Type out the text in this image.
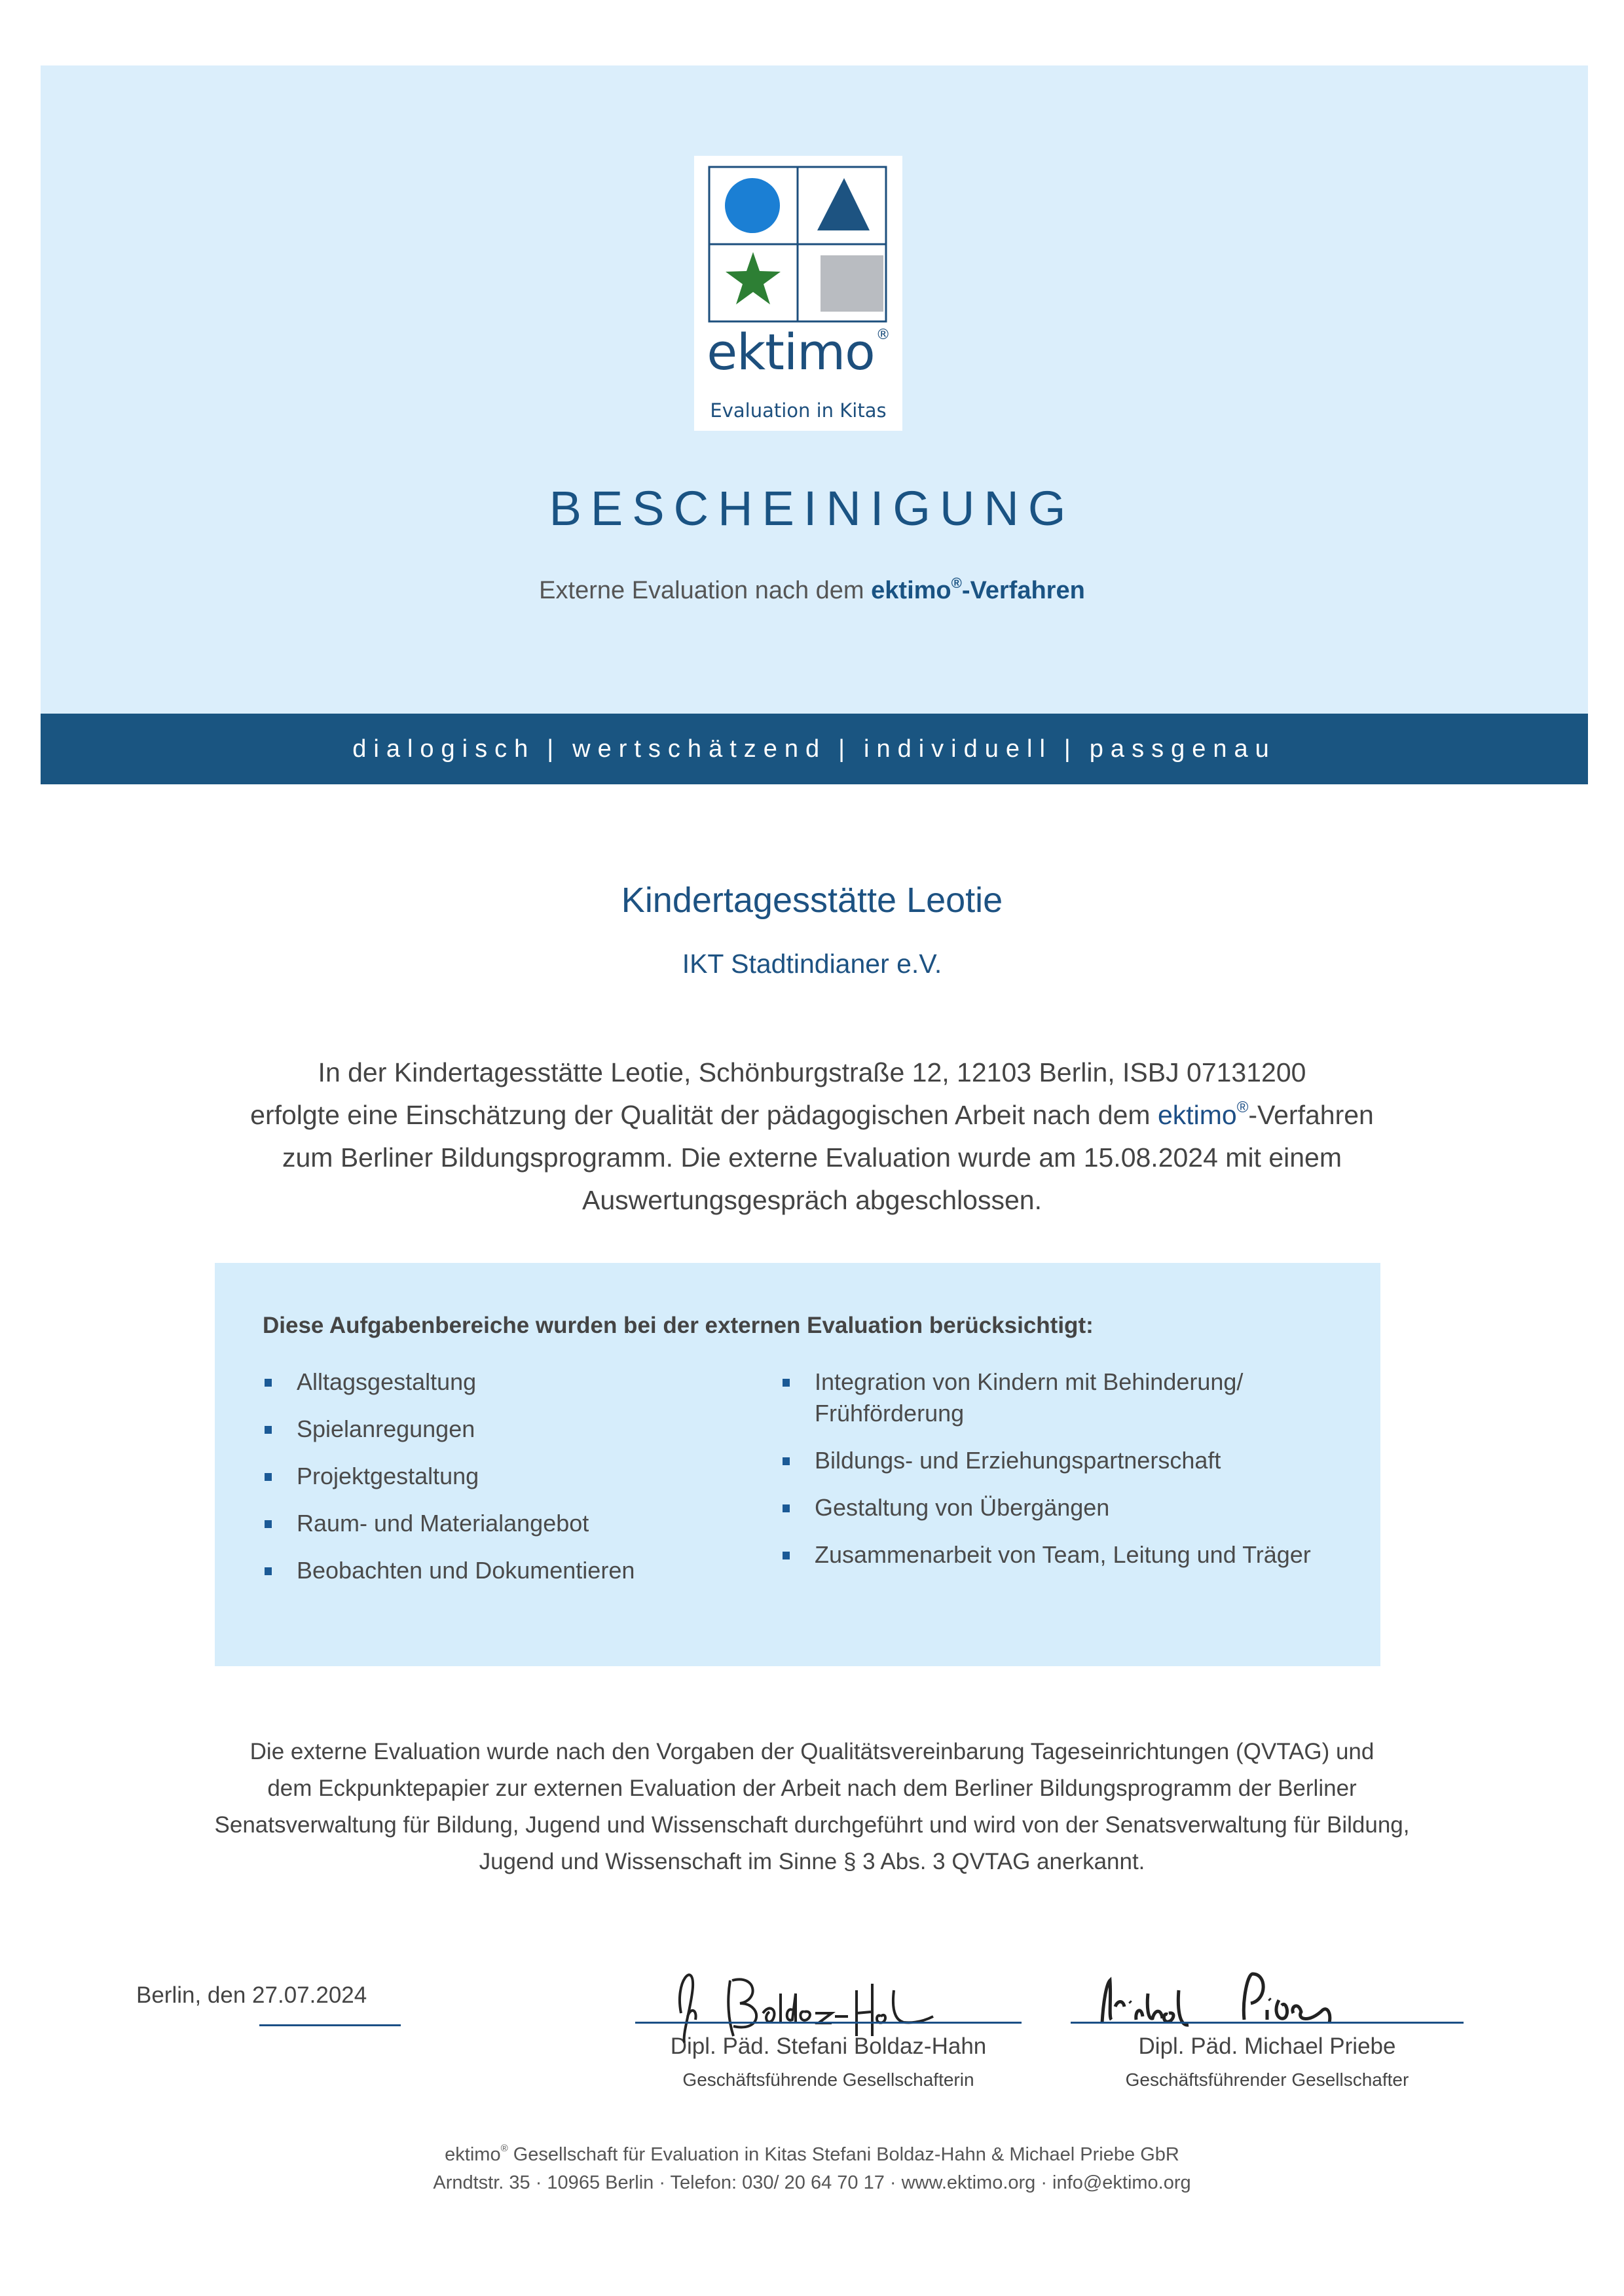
ektimo®
Evaluation in Kitas
BESCHEINIGUNG
Externe Evaluation nach dem ektimo®-Verfahren
dialogisch | wertschätzend | individuell | passgenau
Kindertagesstätte Leotie
IKT Stadtindianer e.V.
In der Kindertagesstätte Leotie, Schönburgstraße 12, 12103 Berlin, ISBJ 07131200
erfolgte eine Einschätzung der Qualität der pädagogischen Arbeit nach dem ektimo®-Verfahren
zum Berliner Bildungsprogramm. Die externe Evaluation wurde am 15.08.2024 mit einem
Auswertungsgespräch abgeschlossen.
Diese Aufgabenbereiche wurden bei der externen Evaluation berücksichtigt:
Alltagsgestaltung
Spielanregungen
Projektgestaltung
Raum- und Materialangebot
Beobachten und Dokumentieren
Integration von Kindern mit Behinderung/ Frühförderung
Bildungs- und Erziehungspartnerschaft
Gestaltung von Übergängen
Zusammenarbeit von Team, Leitung und Träger
Die externe Evaluation wurde nach den Vorgaben der Qualitätsvereinbarung Tageseinrichtungen (QVTAG) und
dem Eckpunktepapier zur externen Evaluation der Arbeit nach dem Berliner Bildungsprogramm der Berliner
Senatsverwaltung für Bildung, Jugend und Wissenschaft durchgeführt und wird von der Senatsverwaltung für Bildung,
Jugend und Wissenschaft im Sinne § 3 Abs. 3 QVTAG anerkannt.
Berlin, den 27.07.2024
Dipl. Päd. Stefani Boldaz-Hahn
Geschäftsführende Gesellschafterin
Dipl. Päd. Michael Priebe
Geschäftsführender Gesellschafter
ektimo® Gesellschaft für Evaluation in Kitas Stefani Boldaz-Hahn & Michael Priebe GbR
Arndtstr. 35 · 10965 Berlin · Telefon: 030/ 20 64 70 17 · www.ektimo.org · info@ektimo.org
